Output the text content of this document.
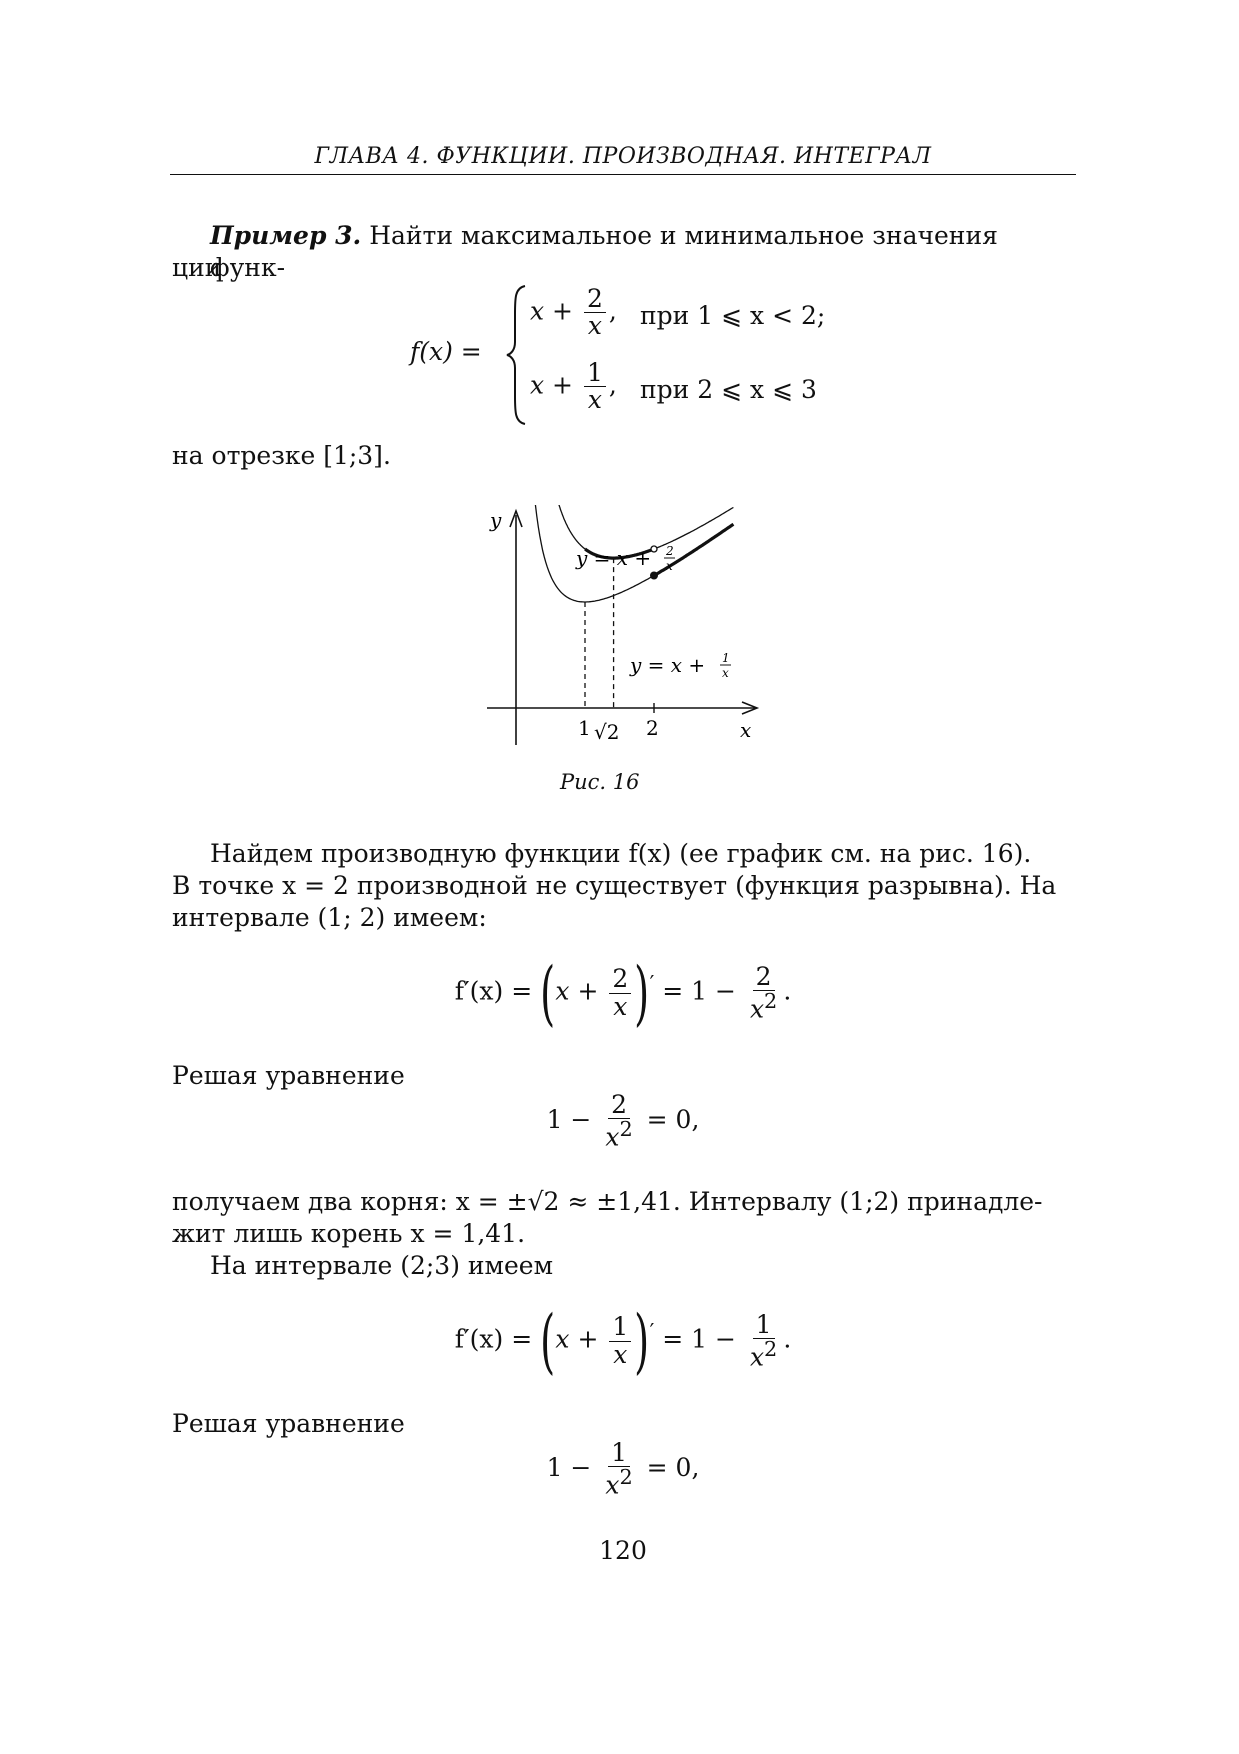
ГЛАВА 4. ФУНКЦИИ. ПРОИЗВОДНАЯ. ИНТЕГРАЛ
Пример 3. Найти максимальное и минимальное значения функ-
ции
f(x) =
$x + \frac{2}{x}$ , при 1 ⩽ x < 2;
$x + \frac{1}{x}$ , при 2 ⩽ x ⩽ 3
на отрезке [1;3].
y
x
1 √2 2
y = x + 2
x
y = x + 1
x
Рис. 16
Найдем производную функции f(x) (ее график см. на рис. 16).
В точке x = 2 производной не существует (функция разрывна). На
интервале (1; 2) имеем:
$f'(x) = (x + \frac{2}{x} )' = 1 - \frac{2}{x^2}$ .
Решая уравнение
$1 - \frac{2}{x^2} = 0$,
получаем два корня: x = ±√2 ≈ ±1,41. Интервалу (1;2) принадле-
жит лишь корень x = 1,41.
На интервале (2;3) имеем
$f'(x) = (x + \frac{1}{x} )' = 1 - \frac{1}{x^2}$ .
Решая уравнение
$1 - \frac{1}{x^2} = 0$,
120
